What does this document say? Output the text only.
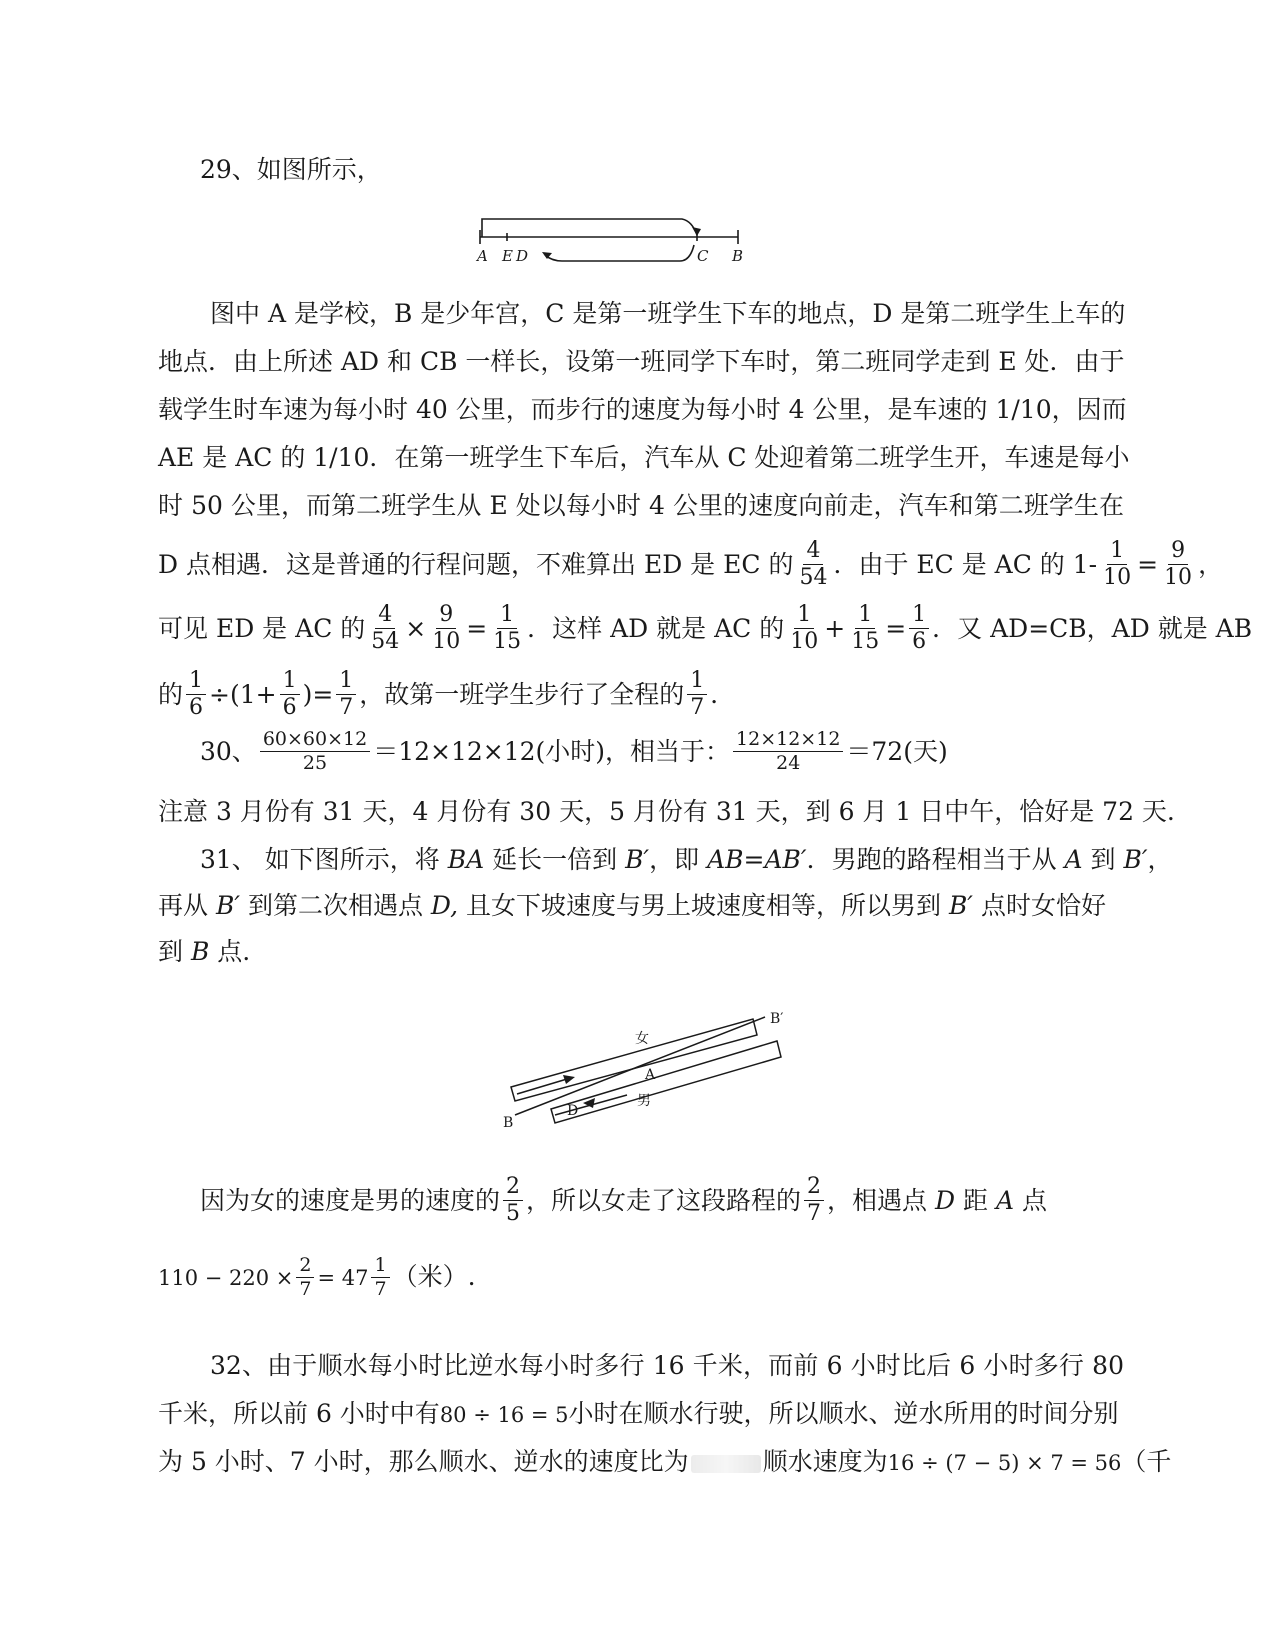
29、如图所示，
A E D	C B
图中 A 是学校，B 是少年宫，C 是第一班学生下车的地点，D 是第二班学生上车的
地点．由上所述 AD 和 CB 一样长，设第一班同学下车时，第二班同学走到 E 处．由于
载学生时车速为每小时 40 公里，而步行的速度为每小时 4 公里，是车速的 1/10，因而
AE 是 AC 的 1/10．在第一班学生下车后，汽车从 C 处迎着第二班学生开，车速是每小
时 50 公里，而第二班学生从 E 处以每小时 4 公里的速度向前走，汽车和第二班学生在
D 点相遇．这是普通的行程问题，不难算出 ED 是 EC 的 $\frac{4}{54}$ ．由于 EC 是 AC 的 $1- \frac{1}{10} = \frac{9}{10}$ ，
可见 ED 是 AC 的 $\frac{4}{54} \times \frac{9}{10} = \frac{1}{15}$ ．这样 AD 就是 AC 的 $\frac{1}{10} + \frac{1}{15} = \frac{1}{6}$ ．又 AD=CB，AD 就是 AB
的 $\frac{1}{6} \div(1+ \frac{1}{6}$ )= $\frac{1}{7}$ ，故第一班学生步行了全程的 $\frac{1}{7}$ ．
30、 $\frac{60\times 60\times 12}{25} =12\times 12\times 12$(小时)，相当于： $\frac{12\times 12\times 12}{24} =72$(天)
注意 3 月份有 31 天，4 月份有 30 天，5 月份有 31 天，到 6 月 1 日中午，恰好是 72 天.
31、 如下图所示，将 BA 延长一倍到 B′，即 AB=AB′．男跑的路程相当于从 A 到 B′，
再从 B′ 到第二次相遇点 D, 且女下坡速度与男上坡速度相等，所以男到 B′ 点时女恰好
到 B 点.
B′
女
A
男
D
B
因为女的速度是男的速度的 $\frac{2}{5}$ ，所以女走了这段路程的 $\frac{2}{7}$ ，相遇点 D 距 A 点
$110 - 220 \times \frac{2}{7} = 47 \frac{1}{7}$ （米）.
32、由于顺水每小时比逆水每小时多行 16 千米，而前 6 小时比后 6 小时多行 80
千米，所以前 6 小时中有80 ÷ 16 = 5小时在顺水行驶，所以顺水、逆水所用的时间分别
为 5 小时、7 小时，那么顺水、逆水的速度比为	顺水速度为16 ÷ (7 − 5) × 7 = 56（千
